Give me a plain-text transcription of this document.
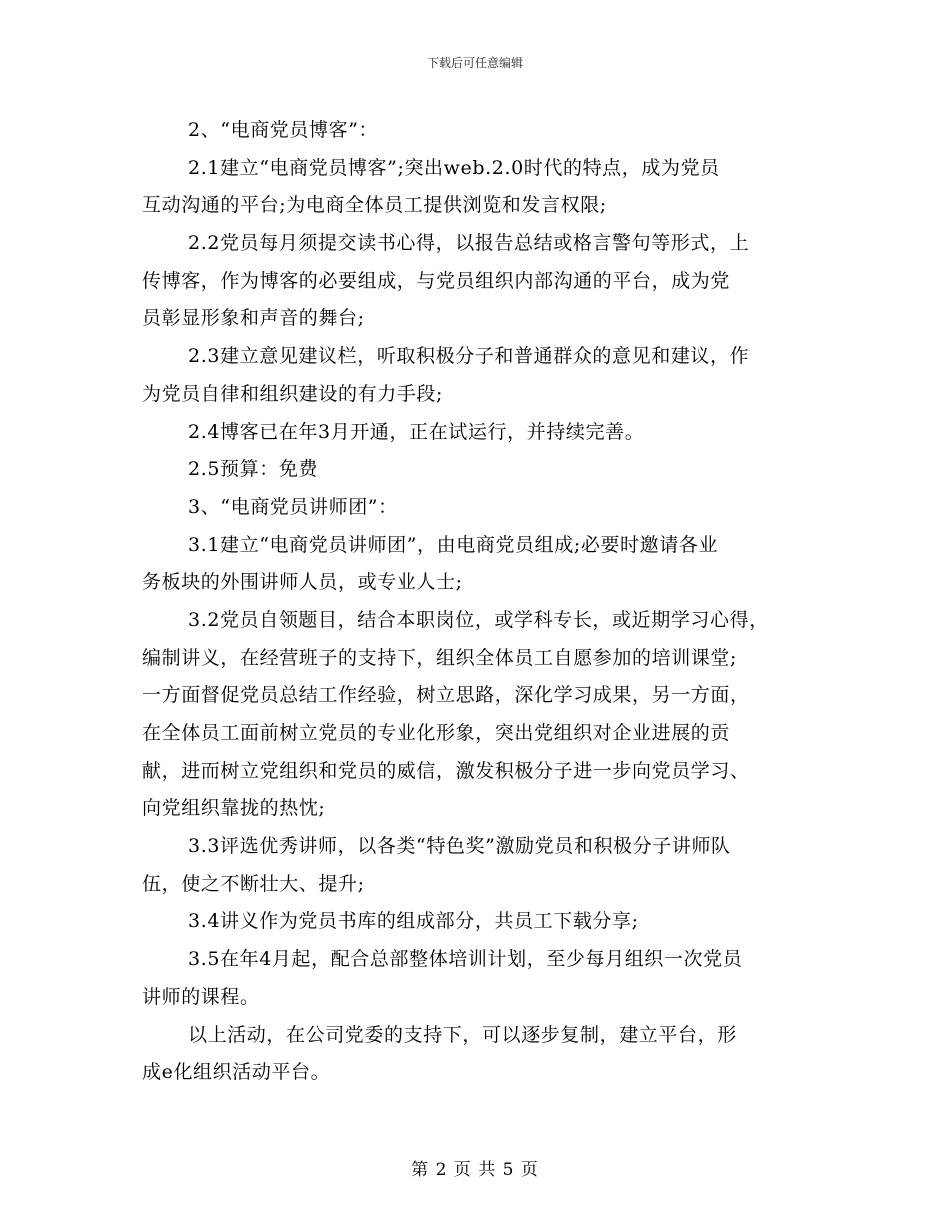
下载后可任意编辑
2、“电商党员博客”：
2.1建立“电商党员博客”;突出web.2.0时代的特点，成为党员
互动沟通的平台;为电商全体员工提供浏览和发言权限;
2.2党员每月须提交读书心得，以报告总结或格言警句等形式，上
传博客，作为博客的必要组成，与党员组织内部沟通的平台，成为党
员彰显形象和声音的舞台;
2.3建立意见建议栏，听取积极分子和普通群众的意见和建议，作
为党员自律和组织建设的有力手段;
2.4博客已在年3月开通，正在试运行，并持续完善。
2.5预算：免费
3、“电商党员讲师团”：
3.1建立“电商党员讲师团”，由电商党员组成;必要时邀请各业
务板块的外围讲师人员，或专业人士;
3.2党员自领题目，结合本职岗位，或学科专长，或近期学习心得，
编制讲义，在经营班子的支持下，组织全体员工自愿参加的培训课堂;
一方面督促党员总结工作经验，树立思路，深化学习成果，另一方面，
在全体员工面前树立党员的专业化形象，突出党组织对企业进展的贡
献，进而树立党组织和党员的威信，激发积极分子进一步向党员学习、
向党组织靠拢的热忱;
3.3评选优秀讲师，以各类“特色奖”激励党员和积极分子讲师队
伍，使之不断壮大、提升;
3.4讲义作为党员书库的组成部分，共员工下载分享;
3.5在年4月起，配合总部整体培训计划，至少每月组织一次党员
讲师的课程。
以上活动，在公司党委的支持下，可以逐步复制，建立平台，形
成e化组织活动平台。
第 2 页 共 5 页
